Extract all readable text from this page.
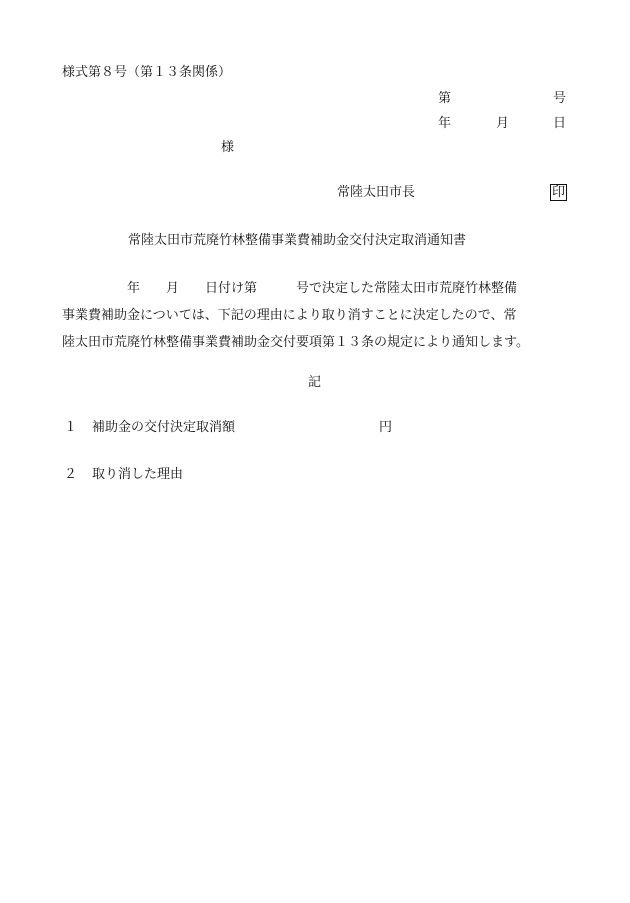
様式第８号（第１３条関係）
第	号
年	月	日
様
常陸太田市長	印
常陸太田市荒廃竹林整備事業費補助金交付決定取消通知書
　　　　　年　　月　　日付け第　　　号で決定した常陸太田市荒廃竹林整備
事業費補助金については、下記の理由により取り消すことに決定したので、常
陸太田市荒廃竹林整備事業費補助金交付要項第１３条の規定により通知します。
記
１ 補助金の交付決定取消額	円
２ 取り消した理由
